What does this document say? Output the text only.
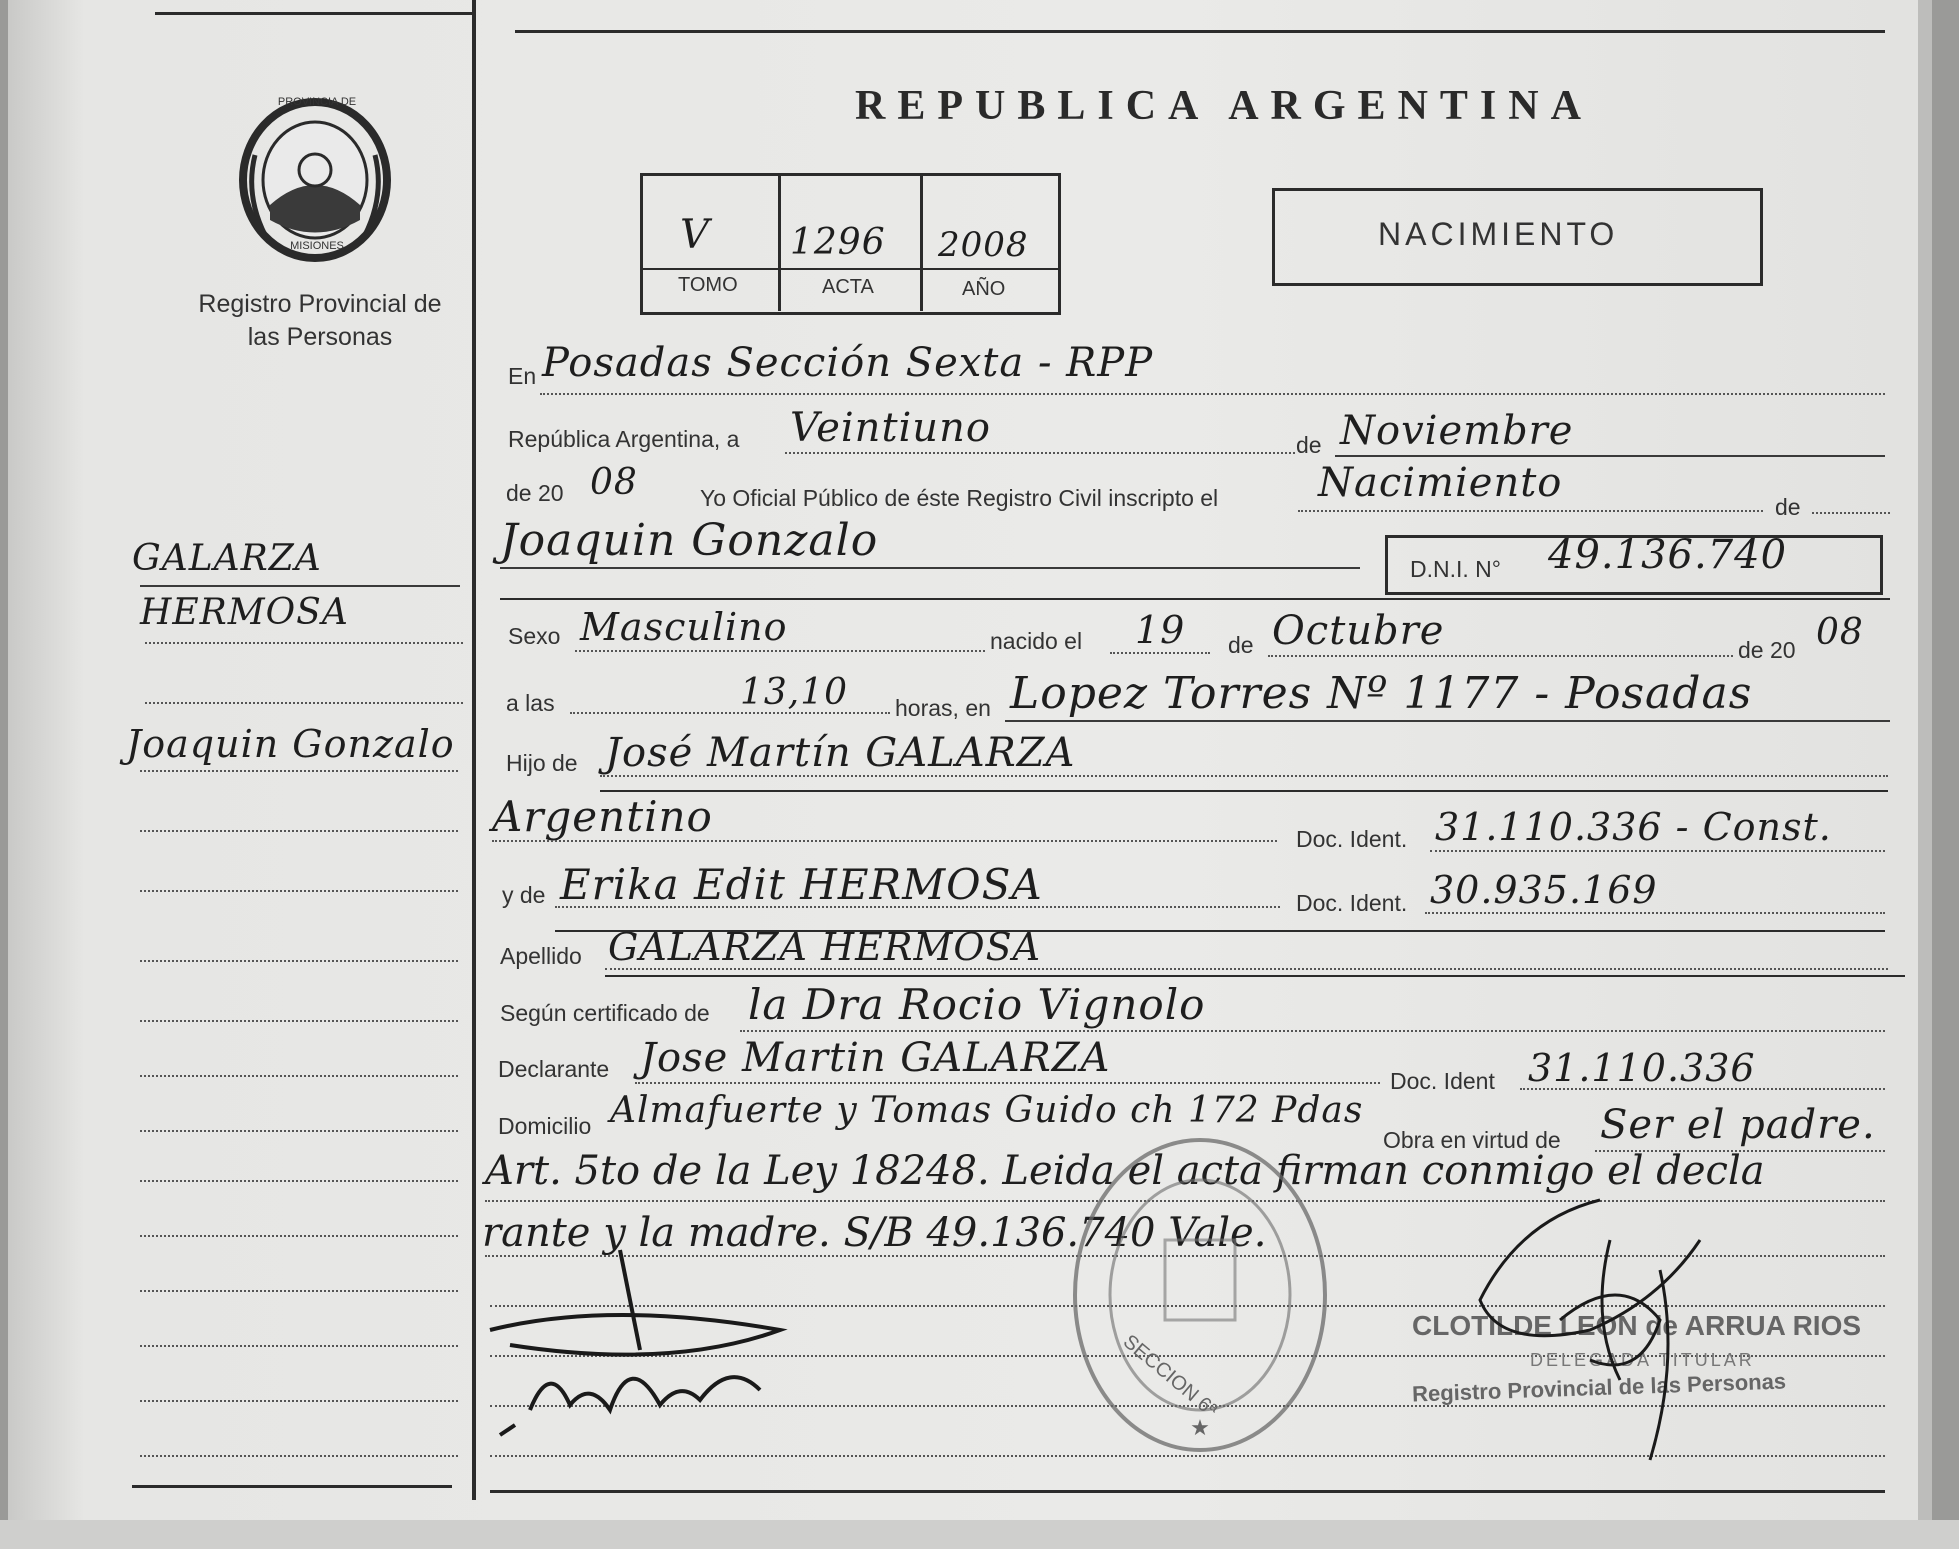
PROVINCIA DE
MISIONES
Registro Provincial de las Personas
GALARZA
HERMOSA
Joaquin Gonzalo
REPUBLICA ARGENTINA
V 1296 2008
TOMO	ACTA	AÑO
NACIMIENTO
En Posadas Sección Sexta - RPP
República Argentina, a Veintiuno	de Noviembre
de 20 08	Yo Oficial Público de éste Registro Civil inscripto el Nacimiento
de
Joaquin Gonzalo
D.N.I. N° 49.136.740
Sexo Masculino	nacido el 19 de Octubre	de 20 08
a las	13,10 horas, en Lopez Torres Nº 1177 - Posadas
Hijo de José Martín GALARZA
Argentino	Doc. Ident. 31.110.336 - Const.
y de Erika Edit HERMOSA	Doc. Ident. 30.935.169
Apellido GALARZA HERMOSA
Según certificado de la Dra Rocio Vignolo
Declarante Jose Martin GALARZA	Doc. Ident 31.110.336
Domicilio Almafuerte y Tomas Guido ch 172 Pdas
Obra en virtud de Ser el padre.
Art. 5to de la Ley 18248. Leida el acta firman conmigo el decla
rante y la madre. S/B 49.136.740 Vale.
★
SECCION 6ª
CLOTILDE LEON de ARRUA RIOS
DELEGADA TITULAR
Registro Provincial de las Personas
